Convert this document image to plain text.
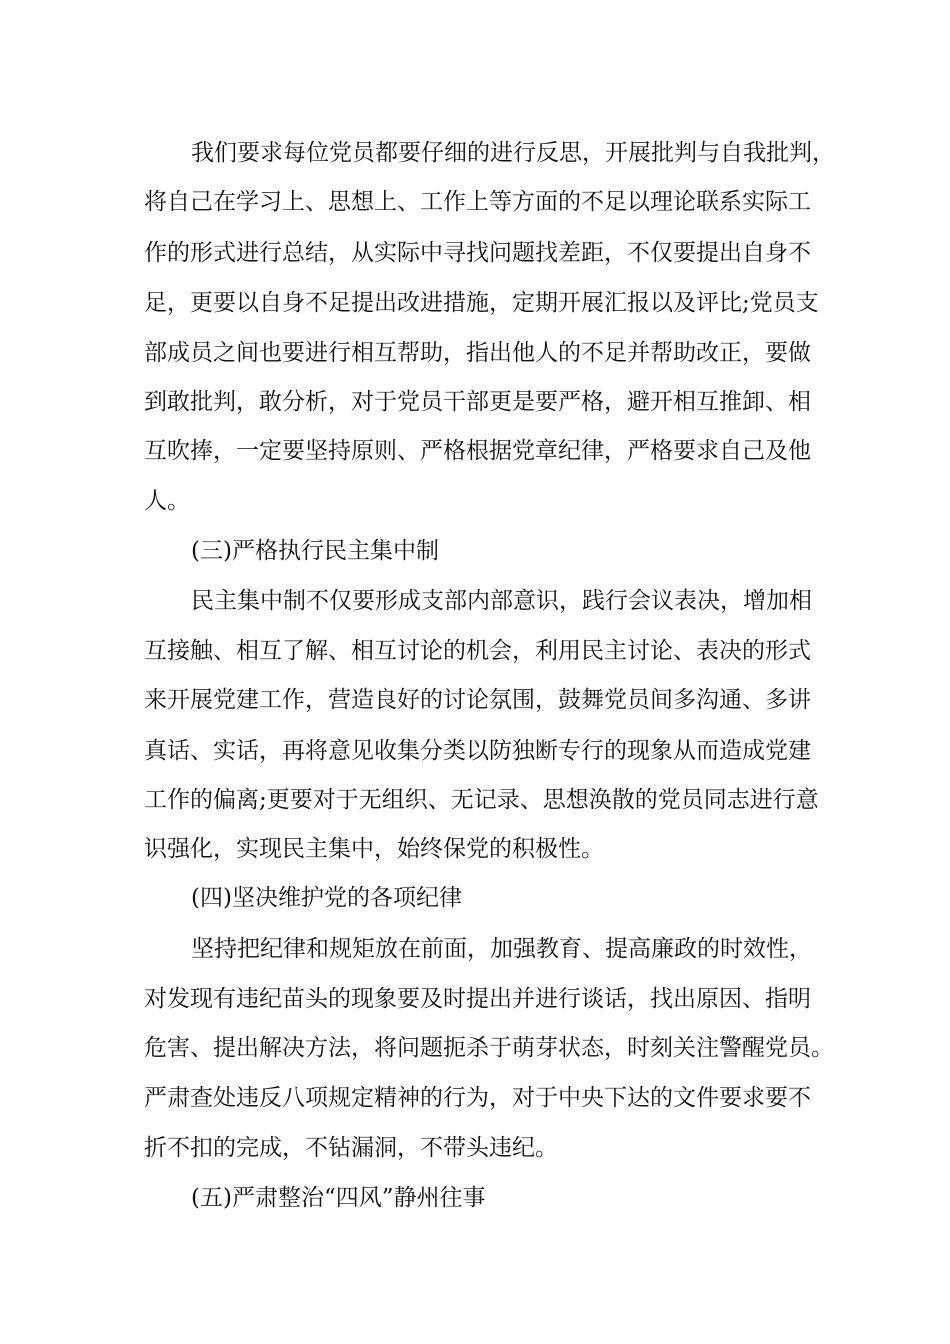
我们要求每位党员都要仔细的进行反思，开展批判与自我批判，
将自己在学习上、思想上、工作上等方面的不足以理论联系实际工
作的形式进行总结，从实际中寻找问题找差距，不仅要提出自身不
足，更要以自身不足提出改进措施，定期开展汇报以及评比;党员支
部成员之间也要进行相互帮助，指出他人的不足并帮助改正，要做
到敢批判，敢分析，对于党员干部更是要严格，避开相互推卸、相
互吹捧，一定要坚持原则、严格根据党章纪律，严格要求自己及他
人。
(三)严格执行民主集中制
民主集中制不仅要形成支部内部意识，践行会议表决，增加相
互接触、相互了解、相互讨论的机会，利用民主讨论、表决的形式
来开展党建工作，营造良好的讨论氛围，鼓舞党员间多沟通、多讲
真话、实话，再将意见收集分类以防独断专行的现象从而造成党建
工作的偏离;更要对于无组织、无记录、思想涣散的党员同志进行意
识强化，实现民主集中，始终保党的积极性。
(四)坚决维护党的各项纪律
坚持把纪律和规矩放在前面，加强教育、提高廉政的时效性，
对发现有违纪苗头的现象要及时提出并进行谈话，找出原因、指明
危害、提出解决方法，将问题扼杀于萌芽状态，时刻关注警醒党员。
严肃查处违反八项规定精神的行为，对于中央下达的文件要求要不
折不扣的完成，不钻漏洞，不带头违纪。
(五)严肃整治“四风”静州往事
